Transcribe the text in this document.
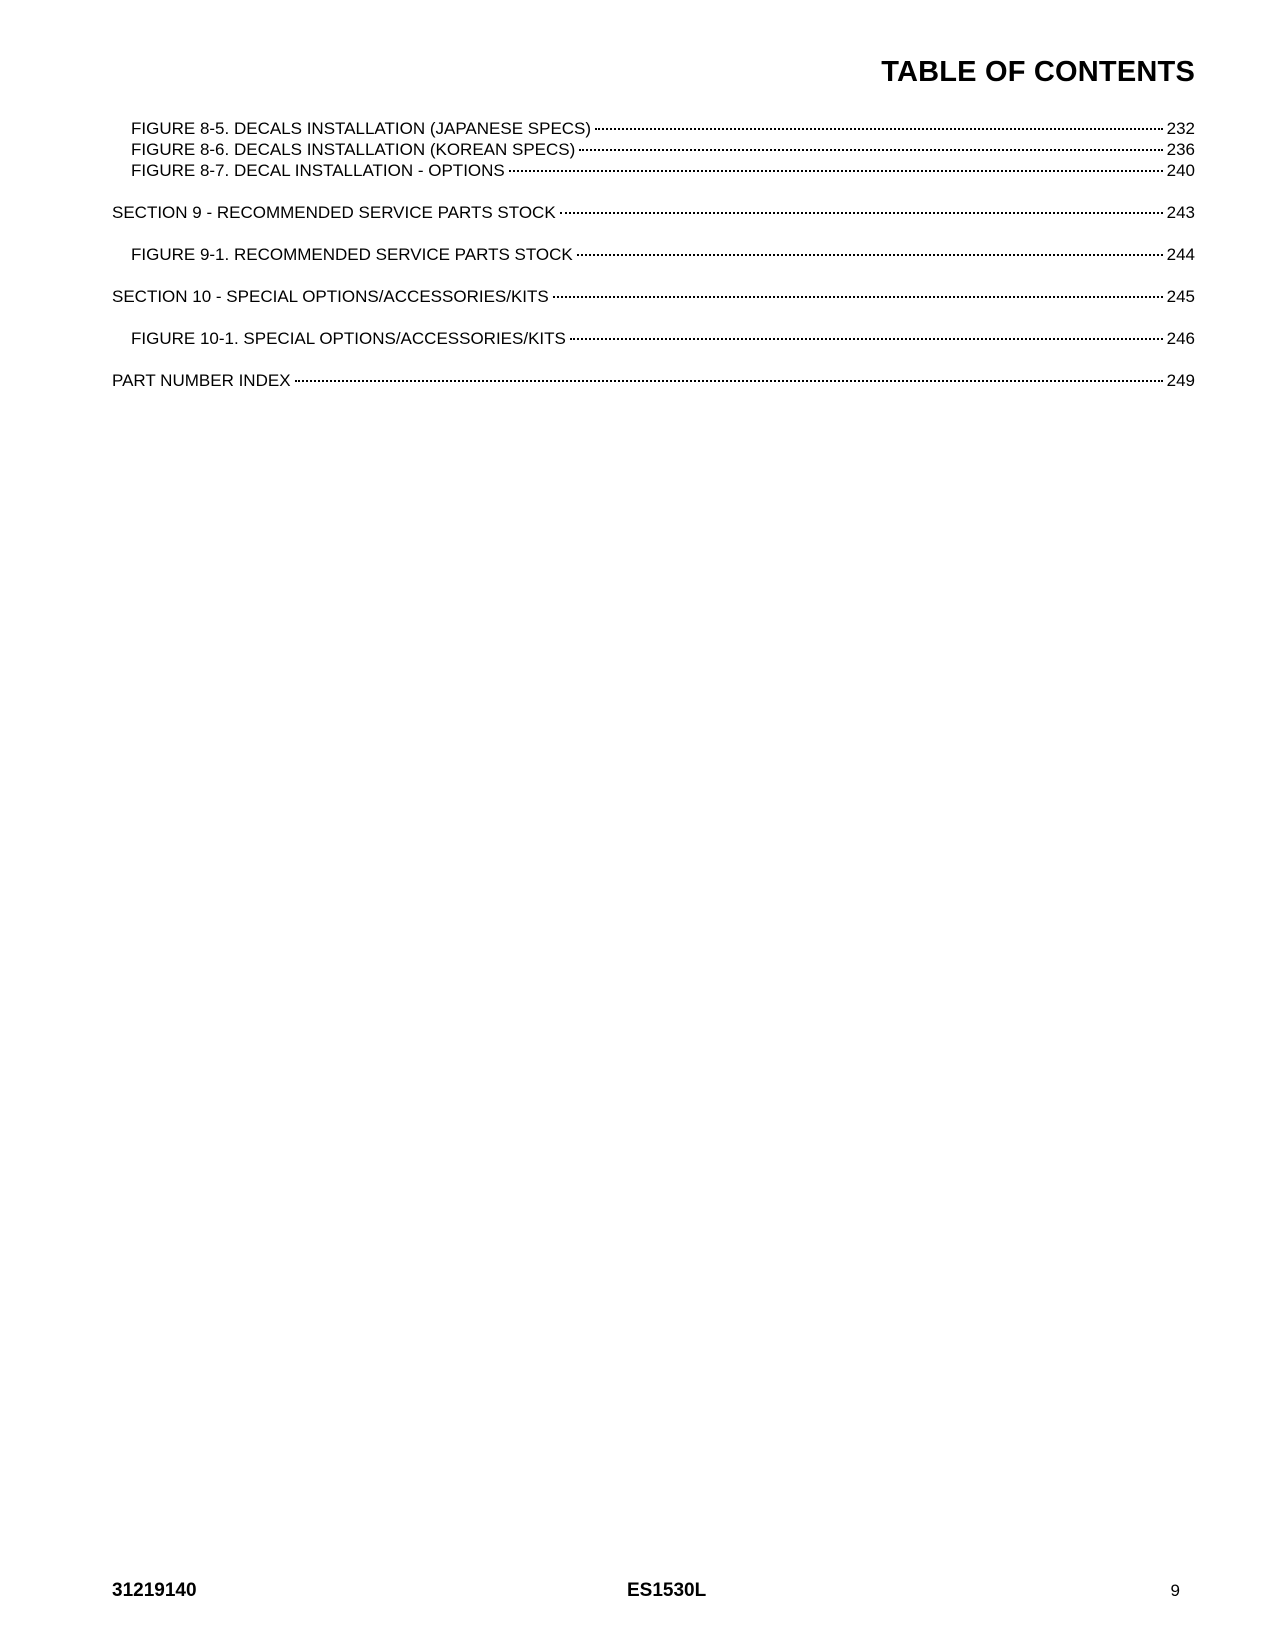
TABLE OF CONTENTS
FIGURE 8-5. DECALS INSTALLATION (JAPANESE SPECS)	232
FIGURE 8-6. DECALS INSTALLATION (KOREAN SPECS)	236
FIGURE 8-7. DECAL INSTALLATION - OPTIONS	240
SECTION 9 - RECOMMENDED SERVICE PARTS STOCK	243
FIGURE 9-1. RECOMMENDED SERVICE PARTS STOCK	244
SECTION 10 - SPECIAL OPTIONS/ACCESSORIES/KITS	245
FIGURE 10-1. SPECIAL OPTIONS/ACCESSORIES/KITS	246
PART NUMBER INDEX	249
31219140	ES1530L	9
